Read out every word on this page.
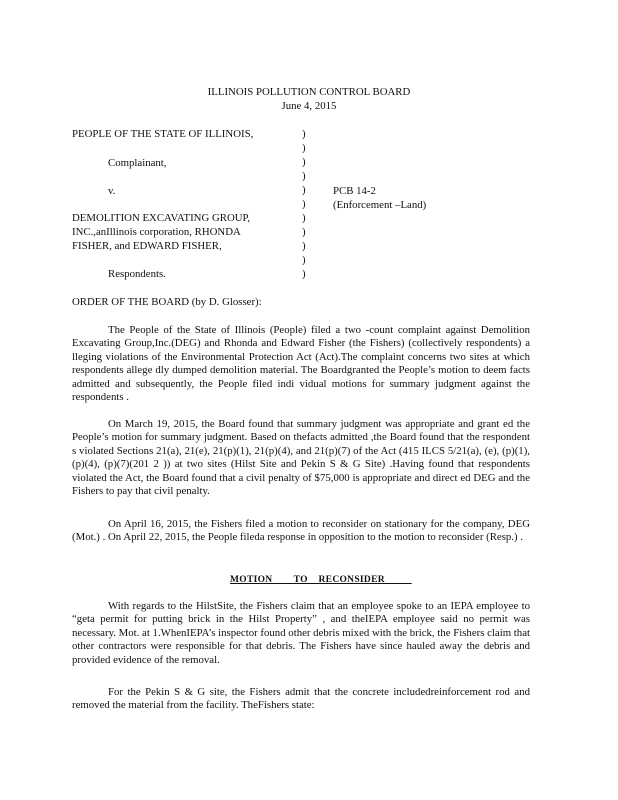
ILLINOIS POLLUTION CONTROL BOARD
June 4, 2015
PEOPLE OF THE STATE OF ILLINOIS,
Complainant,
v.
DEMOLITION EXCAVATING GROUP,
INC.,anIllinois corporation, RHONDA
FISHER, and EDWARD FISHER,
Respondents.
PCB 14-2
(Enforcement –Land)
)
)
)
)
)
)
)
)
)
)
)
ORDER OF THE BOARD (by D. Glosser):
The People of the State of Illinois (People) filed a two -count complaint against Demolition Excavating Group,Inc.(DEG) and Rhonda and Edward Fisher (the Fishers) (collectively respondents) a lleging violations of the Environmental Protection Act (Act).The complaint concerns two sites at which respondents allege dly dumped demolition material. The Boardgranted the People’s motion to deem facts admitted and subsequently, the People filed indi vidual motions for summary judgment against the respondents .
On March 19, 2015, the Board found that summary judgment was appropriate and grant ed the People’s motion for summary judgment. Based on thefacts admitted ,the Board found that the respondent s violated Sections 21(a), 21(e), 21(p)(1), 21(p)(4), and 21(p)(7) of the Act (415 ILCS 5/21(a), (e), (p)(1), (p)(4), (p)(7)(201 2 )) at two sites (Hilst Site and Pekin S & G Site) .Having found that respondents violated the Act, the Board found that a civil penalty of $75,000 is appropriate and direct ed DEG and the Fishers to pay that civil penalty.
On April 16, 2015, the Fishers filed a motion to reconsider on stationary for the company, DEG (Mot.) . On April 22, 2015, the People fileda response in opposition to the motion to reconsider (Resp.) .
MOTION        TO    RECONSIDER
With regards to the HilstSite, the Fishers claim that an employee spoke to an IEPA employee to “geta permit for putting brick in the Hilst Property” , and theIEPA employee said no permit was necessary. Mot. at 1.WhenIEPA’s inspector found other debris mixed with the brick, the Fishers claim that other contractors were responsible for that debris. The Fishers have since hauled away the debris and provided evidence of the removal.
For the Pekin S & G site, the Fishers admit that the concrete includedreinforcement rod and removed the material from the facility. TheFishers state:
